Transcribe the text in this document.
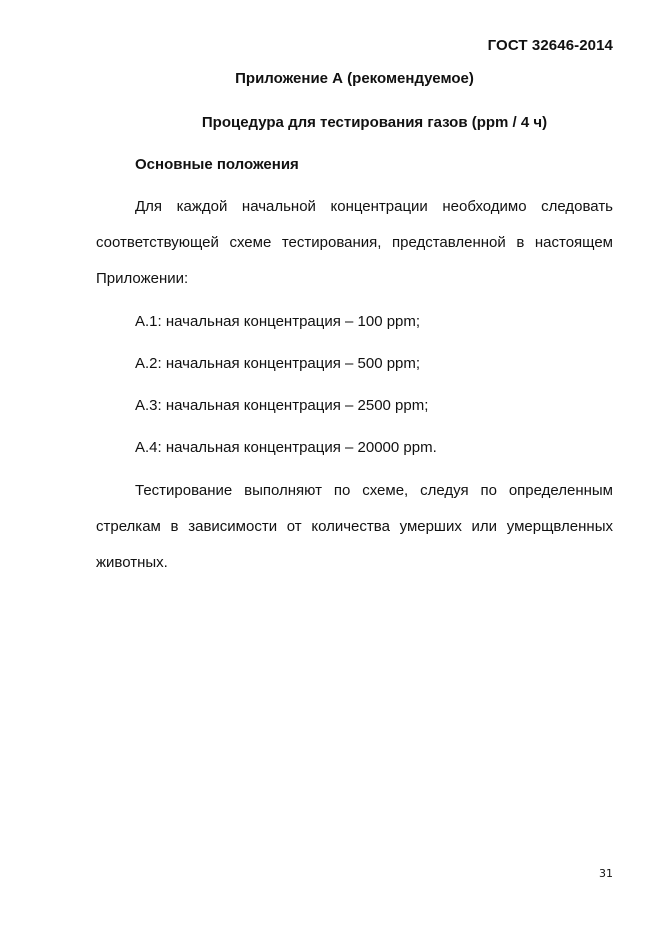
ГОСТ 32646-2014
Приложение А (рекомендуемое)
Процедура для тестирования газов (ppm / 4 ч)
Основные положения

Для каждой начальной концентрации необходимо следовать соответствующей схеме тестирования, представленной в настоящем Приложении:

А.1: начальная концентрация – 100 ppm;
А.2: начальная концентрация – 500 ppm;
А.3: начальная концентрация – 2500 ppm;
А.4: начальная концентрация – 20000 ppm.

Тестирование выполняют по схеме, следуя по определенным стрелкам в зависимости от количества умерших или умерщвленных животных.

31
